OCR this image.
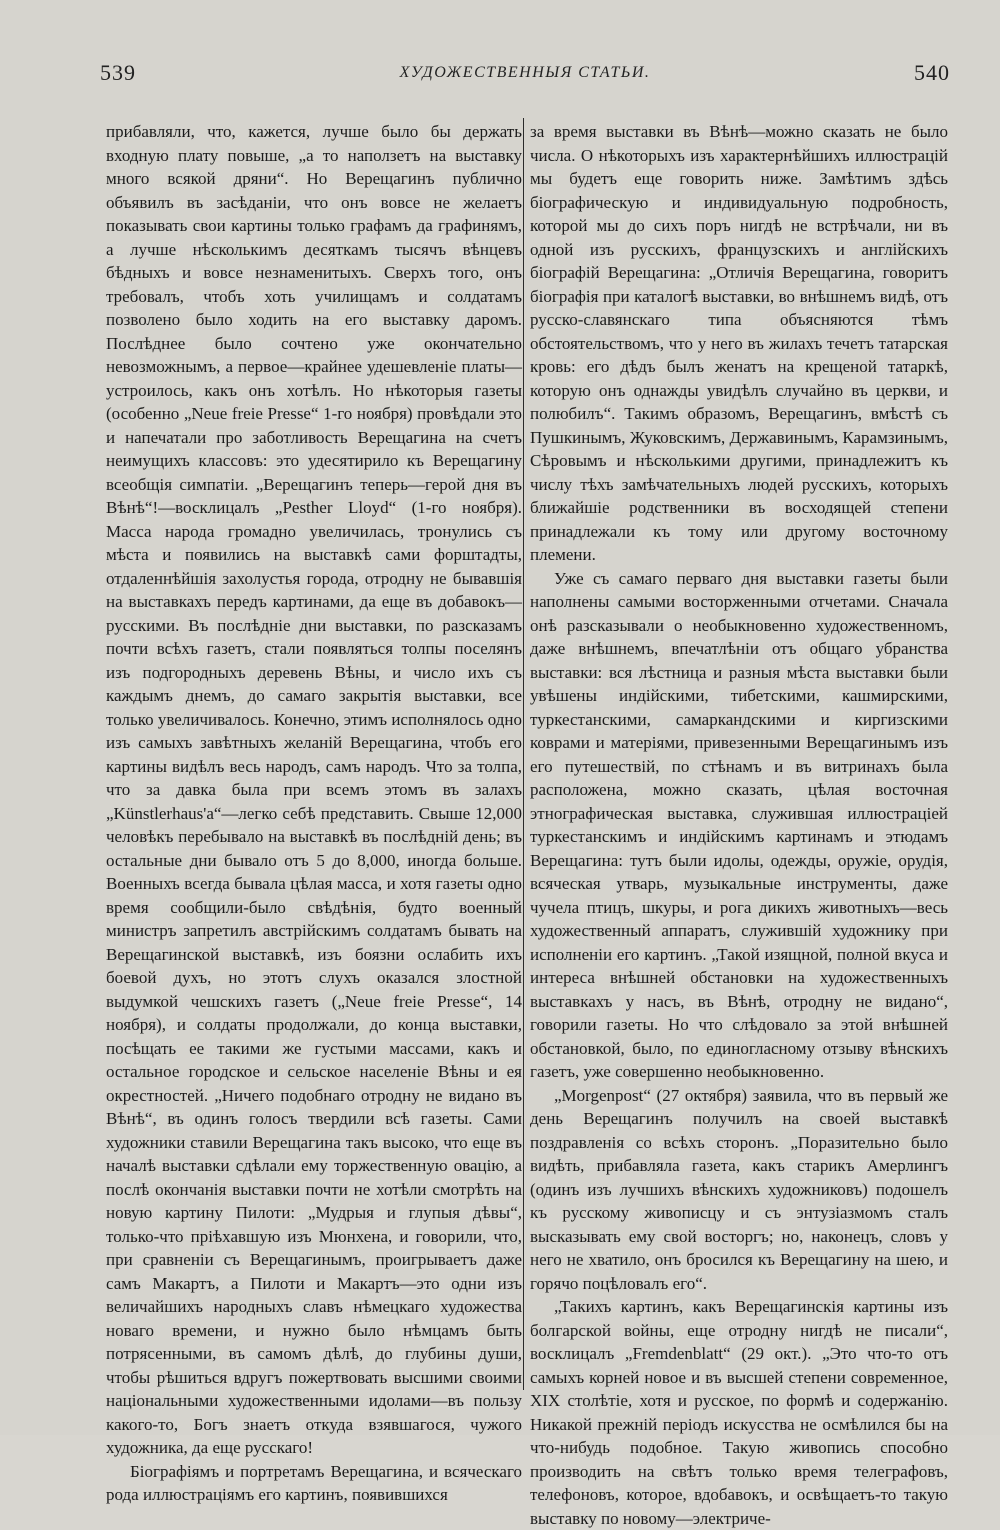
539	ХУДОЖЕСТВЕННЫЯ СТАТЬИ.	540

прибавляли, что, кажется, лучше было бы держать входную плату повыше, „а то наползетъ на выставку много всякой дряни“. Но Верещагинъ публично объявилъ въ засѣданіи, что онъ вовсе не желаетъ показывать свои картины только графамъ да графинямъ, а лучше нѣсколькимъ десяткамъ тысячъ вѣнцевъ бѣдныхъ и вовсе незнаменитыхъ. Сверхъ того, онъ требовалъ, чтобъ хоть училищамъ и солдатамъ позволено было ходить на его выставку даромъ. Послѣднее было сочтено уже окончательно невозможнымъ, а первое—крайнее удешевленіе платы—устроилось, какъ онъ хотѣлъ. Но нѣкоторыя газеты (особенно „Neue freie Presse“ 1-го ноября) провѣдали это и напечатали про заботливость Верещагина на счетъ неимущихъ классовъ: это удесятирило къ Верещагину всеобщія симпатіи. „Верещагинъ теперь—герой дня въ Вѣнѣ“!—восклицалъ „Pesther Lloyd“ (1-го ноября). Масса народа громадно увеличилась, тронулись съ мѣста и появились на выставкѣ сами форштадты, отдаленнѣйшія захолустья города, отродну не бывавшія на выставкахъ передъ картинами, да еще въ добавокъ—русскими. Въ послѣдніе дни выставки, по разсказамъ почти всѣхъ газетъ, стали появляться толпы поселянъ изъ подгородныхъ деревень Вѣны, и число ихъ съ каждымъ днемъ, до самаго закрытія выставки, все только увеличивалось. Конечно, этимъ исполнялось одно изъ самыхъ завѣтныхъ желаній Верещагина, чтобъ его картины видѣлъ весь народъ, самъ народъ. Что за толпа, что за давка была при всемъ этомъ въ залахъ „Künstlerhaus'a“—легко себѣ представить. Свыше 12,000 человѣкъ перебывало на выставкѣ въ послѣдній день; въ остальные дни бывало отъ 5 до 8,000, иногда больше. Военныхъ всегда бывала цѣлая масса, и хотя газеты одно время сообщили-было свѣдѣнія, будто военный министръ запретилъ австрійскимъ солдатамъ бывать на Верещагинской выставкѣ, изъ боязни ослабить ихъ боевой духъ, но этотъ слухъ оказался злостной выдумкой чешскихъ газетъ („Neue freie Presse“, 14 ноября), и солдаты продолжали, до конца выставки, посѣщать ее такими же густыми массами, какъ и остальное городское и сельское населеніе Вѣны и ея окрестностей. „Ничего подобнаго отродну не видано въ Вѣнѣ“, въ одинъ голосъ твердили всѣ газеты. Сами художники ставили Верещагина такъ высоко, что еще въ началѣ выставки сдѣлали ему торжественную овацію, а послѣ окончанія выставки почти не хотѣли смотрѣть на новую картину Пилоти: „Мудрыя и глупыя дѣвы“, только-что пріѣхавшую изъ Мюнхена, и говорили, что, при сравненіи съ Верещагинымъ, проигрываетъ даже самъ Макартъ, а Пилоти и Макартъ—это одни изъ величайшихъ народныхъ славъ нѣмецкаго художества новаго времени, и нужно было нѣмцамъ быть потрясенными, въ самомъ дѣлѣ, до глубины души, чтобы рѣшиться вдругъ пожертвовать высшими своими національными художественными идолами—въ пользу какого-то, Богъ знаетъ откуда взявшагося, чужого художника, да еще русскаго!

Біографіямъ и портретамъ Верещагина, и всяческаго рода иллюстраціямъ его картинъ, появившихся

за время выставки въ Вѣнѣ—можно сказать не было числа. О нѣкоторыхъ изъ характернѣйшихъ иллюстрацій мы будетъ еще говорить ниже. Замѣтимъ здѣсь біографическую и индивидуальную подробность, которой мы до сихъ поръ нигдѣ не встрѣчали, ни въ одной изъ русскихъ, французскихъ и англійскихъ біографій Верещагина: „Отличія Верещагина, говоритъ біографія при каталогѣ выставки, во внѣшнемъ видѣ, отъ русско-славянскаго типа объясняются тѣмъ обстоятельствомъ, что у него въ жилахъ течетъ татарская кровь: его дѣдъ былъ женатъ на крещеной татаркѣ, которую онъ однажды увидѣлъ случайно въ церкви, и полюбилъ“. Такимъ образомъ, Верещагинъ, вмѣстѣ съ Пушкинымъ, Жуковскимъ, Державинымъ, Карамзинымъ, Сѣровымъ и нѣсколькими другими, принадлежитъ къ числу тѣхъ замѣчательныхъ людей русскихъ, которыхъ ближайшіе родственники въ восходящей степени принадлежали къ тому или другому восточному племени.

Уже съ самаго перваго дня выставки газеты были наполнены самыми восторженными отчетами. Сначала онѣ разсказывали о необыкновенно художественномъ, даже внѣшнемъ, впечатлѣніи отъ общаго убранства выставки: вся лѣстница и разныя мѣста выставки были увѣшены индійскими, тибетскими, кашмирскими, туркестанскими, самаркандскими и киргизскими коврами и матеріями, привезенными Верещагинымъ изъ его путешествій, по стѣнамъ и въ витринахъ была расположена, можно сказать, цѣлая восточная этнографическая выставка, служившая иллюстраціей туркестанскимъ и индійскимъ картинамъ и этюдамъ Верещагина: тутъ были идолы, одежды, оружіе, орудія, всяческая утварь, музыкальные инструменты, даже чучела птицъ, шкуры, и рога дикихъ животныхъ—весь художественный аппаратъ, служившій художнику при исполненіи его картинъ. „Такой изящной, полной вкуса и интереса внѣшней обстановки на художественныхъ выставкахъ у насъ, въ Вѣнѣ, отродну не видано“, говорили газеты. Но что слѣдовало за этой внѣшней обстановкой, было, по единогласному отзыву вѣнскихъ газетъ, уже совершенно необыкновенно.

„Morgenpost“ (27 октября) заявила, что въ первый же день Верещагинъ получилъ на своей выставкѣ поздравленія со всѣхъ сторонъ. „Поразительно было видѣть, прибавляла газета, какъ старикъ Амерлингъ (одинъ изъ лучшихъ вѣнскихъ художниковъ) подошелъ къ русскому живописцу и съ энтузіазмомъ сталъ высказывать ему свой восторгъ; но, наконецъ, словъ у него не хватило, онъ бросился къ Верещагину на шею, и горячо поцѣловалъ его“.

„Такихъ картинъ, какъ Верещагинскія картины изъ болгарской войны, еще отродну нигдѣ не писали“, восклицалъ „Fremdenblatt“ (29 окт.). „Это что-то отъ самыхъ корней новое и въ высшей степени современное, XIX столѣтіе, хотя и русское, по формѣ и содержанію. Никакой прежній періодъ искусства не осмѣлился бы на что-нибудь подобное. Такую живопись способно производить на свѣтъ только время телеграфовъ, телефоновъ, которое, вдобавокъ, и освѣщаетъ-то такую выставку по новому—электриче-
